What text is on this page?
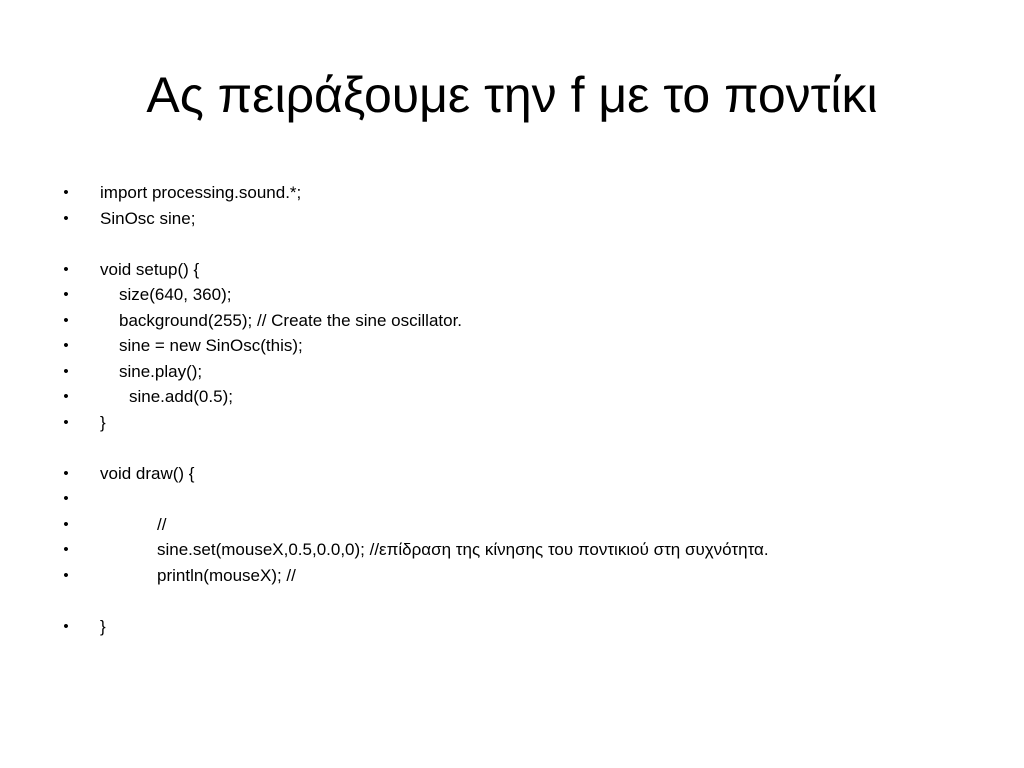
Ας πειράξουμε την f με το ποντίκι

•

import processing.sound.*;

•

SinOsc sine;

•

void setup() {

•

	size(640, 360);

•

	background(255); // Create the sine oscillator.

•

	sine = new SinOsc(this);

•

	sine.play();

•

	sine.add(0.5);

•

}

•

void draw() {

•

•

	//

•

	sine.set(mouseX,0.5,0.0,0); //επίδραση της κίνησης του ποντικιού στη συχνότητα.

•

	println(mouseX); //

•

}
